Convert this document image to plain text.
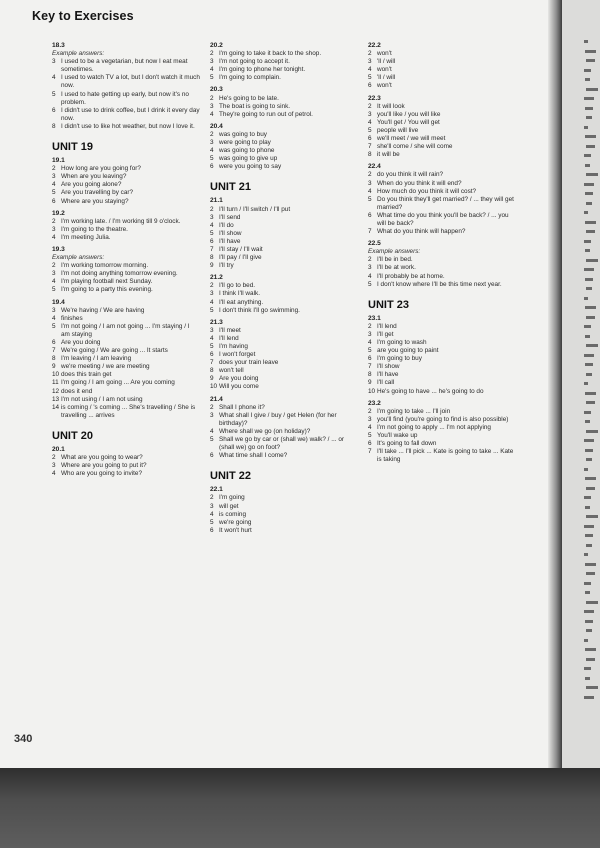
Key to Exercises
18.3
Example answers:
3 I used to be a vegetarian, but now I eat meat sometimes.
4 I used to watch TV a lot, but I don't watch it much now.
5 I used to hate getting up early, but now it's no problem.
6 I didn't use to drink coffee, but I drink it every day now.
8 I didn't use to like hot weather, but now I love it.
UNIT 19
19.1
2 How long are you going for?
3 When are you leaving?
4 Are you going alone?
5 Are you travelling by car?
6 Where are you staying?
19.2
2 I'm working late. / I'm working till 9 o'clock.
3 I'm going to the theatre.
4 I'm meeting Julia.
19.3
Example answers:
2 I'm working tomorrow morning.
3 I'm not doing anything tomorrow evening.
4 I'm playing football next Sunday.
5 I'm going to a party this evening.
19.4
3 We're having / We are having
4 finishes
5 I'm not going / I am not going ... I'm staying / I am staying
6 Are you doing
7 We're going / We are going ... It starts
8 I'm leaving / I am leaving
9 we're meeting / we are meeting
10 does this train get
11 I'm going / I am going ... Are you coming
12 does it end
13 I'm not using / I am not using
14 is coming / 's coming ... She's travelling / She is travelling ... arrives
UNIT 20
20.1
2 What are you going to wear?
3 Where are you going to put it?
4 Who are you going to invite?
20.2
2 I'm going to take it back to the shop.
3 I'm not going to accept it.
4 I'm going to phone her tonight.
5 I'm going to complain.
20.3
2 He's going to be late.
3 The boat is going to sink.
4 They're going to run out of petrol.
20.4
2 was going to buy
3 were going to play
4 was going to phone
5 was going to give up
6 were you going to say
UNIT 21
21.1
2 I'll turn / I'll switch / I'll put
3 I'll send
4 I'll do
5 I'll show
6 I'll have
7 I'll stay / I'll wait
8 I'll pay / I'll give
9 I'll try
21.2
2 I'll go to bed.
3 I think I'll walk.
4 I'll eat anything.
5 I don't think I'll go swimming.
21.3
3 I'll meet
4 I'll lend
5 I'm having
6 I won't forget
7 does your train leave
8 won't tell
9 Are you doing
10 Will you come
21.4
2 Shall I phone it?
3 What shall I give / buy / get Helen (for her birthday)?
4 Where shall we go (on holiday)?
5 Shall we go by car or (shall we) walk? / ... or (shall we) go on foot?
6 What time shall I come?
UNIT 22
22.1
2 I'm going
3 will get
4 is coming
5 we're going
6 It won't hurt
22.2
2 won't
3 'll / will
4 won't
5 'll / will
6 won't
22.3
2 It will look
3 you'll like / you will like
4 You'll get / You will get
5 people will live
6 we'll meet / we will meet
7 she'll come / she will come
8 it will be
22.4
2 do you think it will rain?
3 When do you think it will end?
4 How much do you think it will cost?
5 Do you think they'll get married? / ... they will get married?
6 What time do you think you'll be back? / ... you will be back?
7 What do you think will happen?
22.5
Example answers:
2 I'll be in bed.
3 I'll be at work.
4 I'll probably be at home.
5 I don't know where I'll be this time next year.
UNIT 23
23.1
2 I'll lend
3 I'll get
4 I'm going to wash
5 are you going to paint
6 I'm going to buy
7 I'll show
8 I'll have
9 I'll call
10 He's going to have ... he's going to do
23.2
2 I'm going to take ... I'll join
3 you'll find (you're going to find is also possible)
4 I'm not going to apply ... I'm not applying
5 You'll wake up
6 It's going to fall down
7 I'll take ... I'll pick ... Kate is going to take ... Kate is taking
340
